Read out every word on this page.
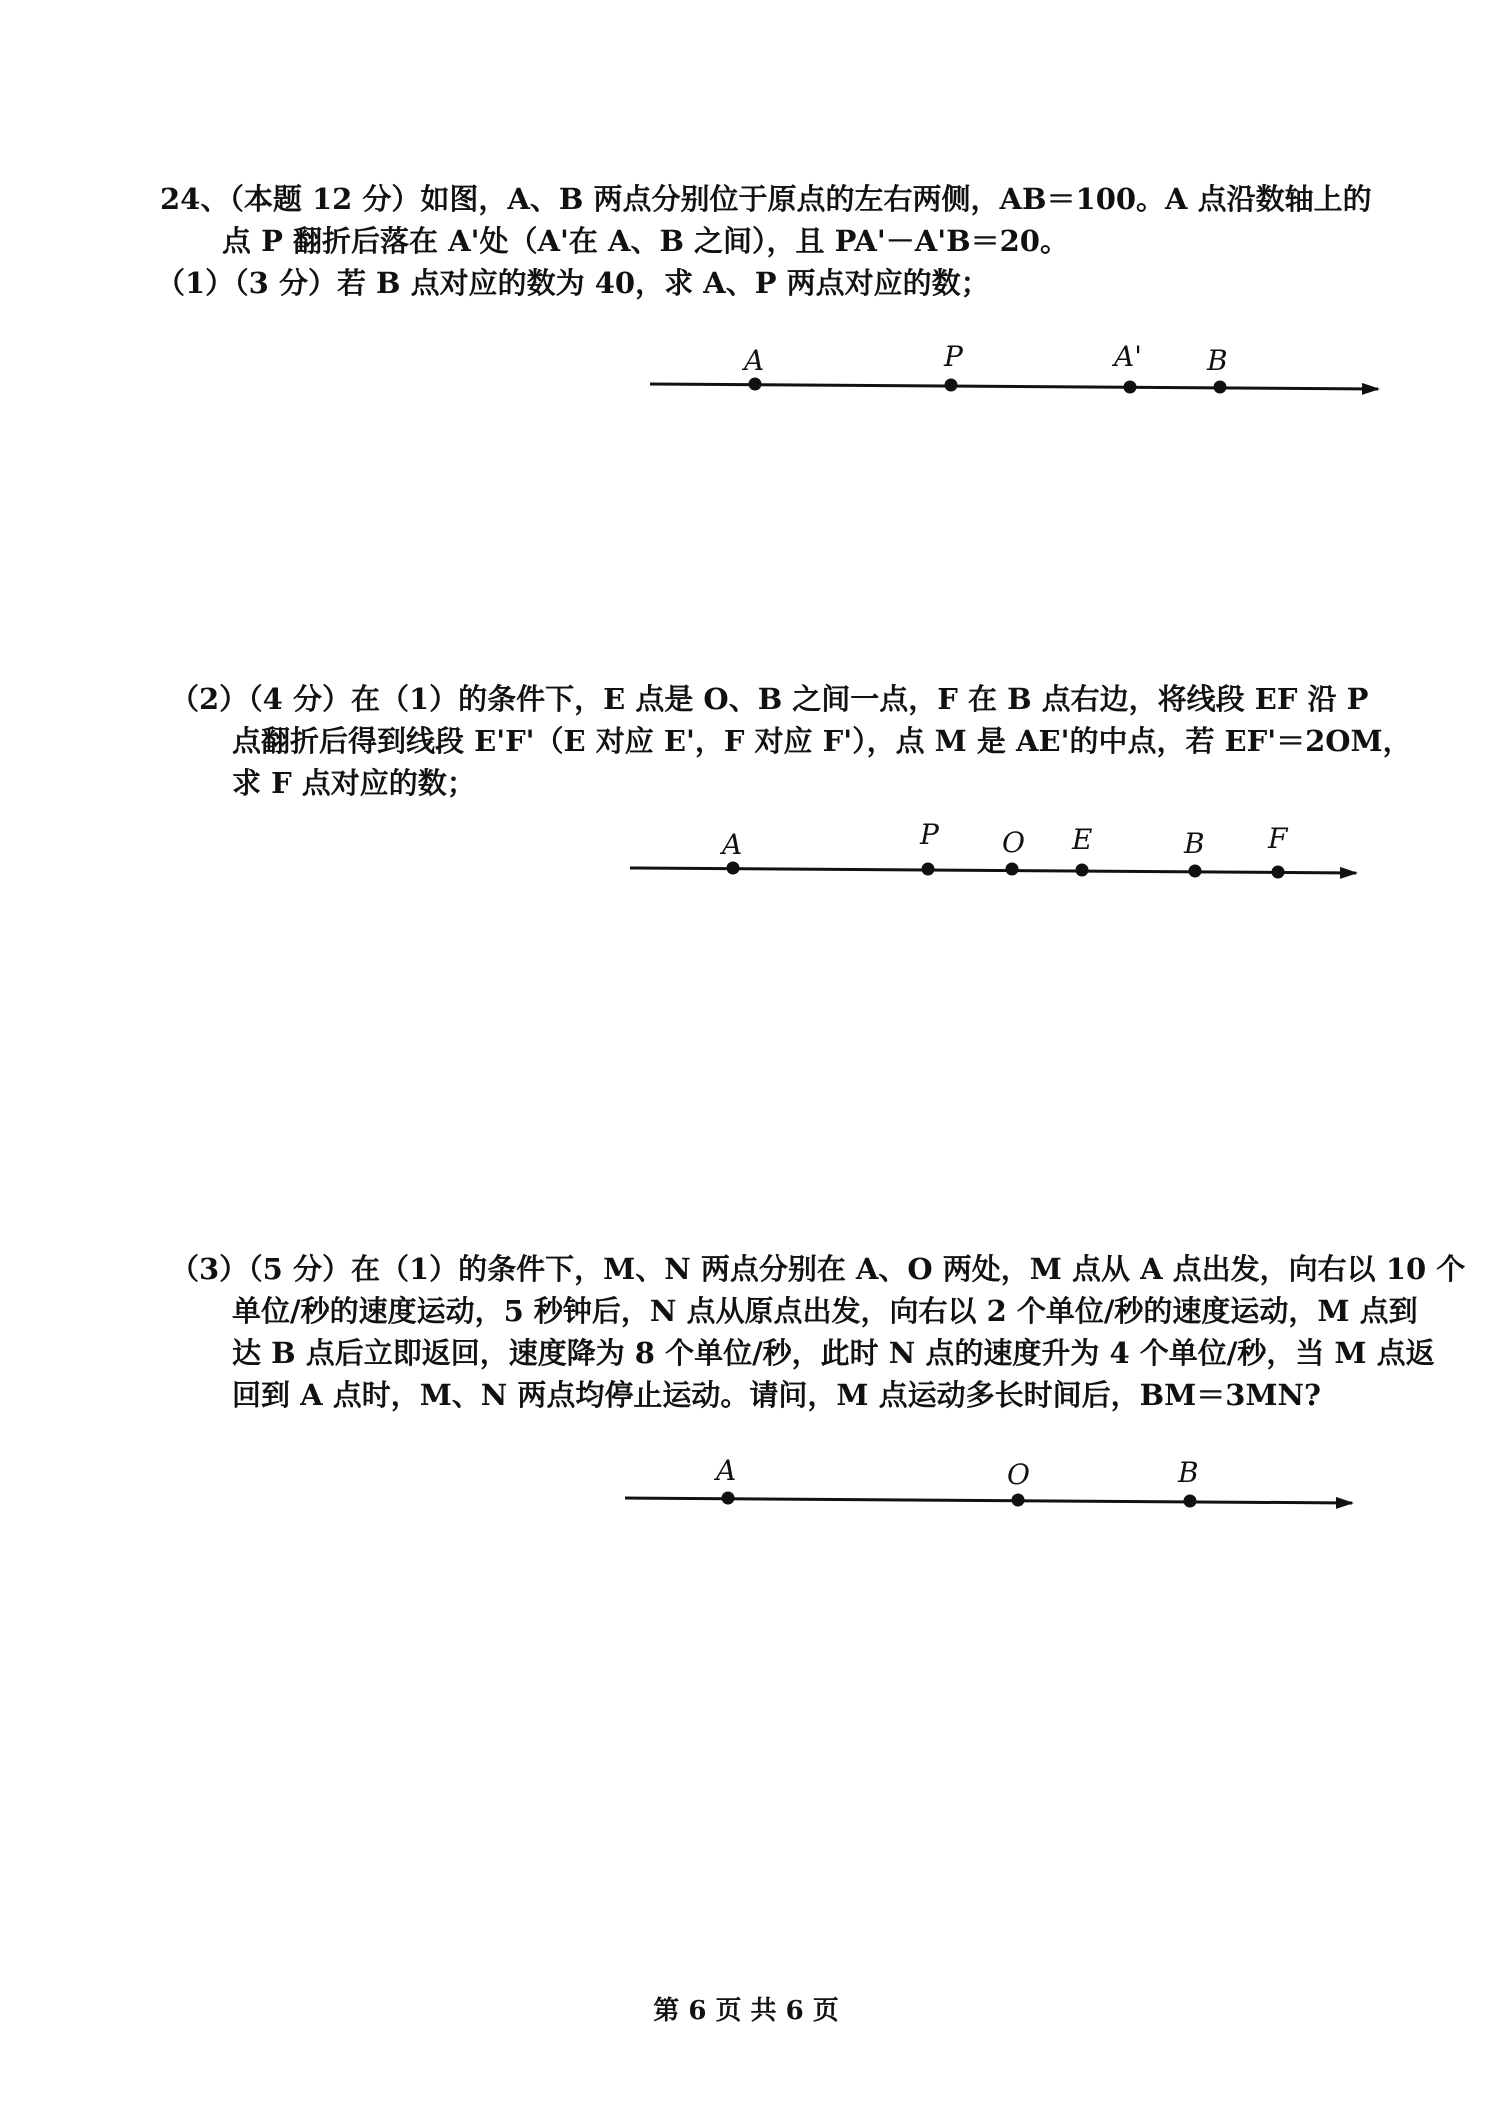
24、（本题 12 分）如图，A、B 两点分别位于原点的左右两侧，AB＝100。A 点沿数轴上的
点 P 翻折后落在 A'处（A'在 A、B 之间），且 PA'－A'B＝20。
（1）（3 分）若 B 点对应的数为 40，求 A、P 两点对应的数；
A	P	A' B
A	P O E	B F
A	O	B
（2）（4 分）在（1）的条件下，E 点是 O、B 之间一点，F 在 B 点右边，将线段 EF 沿 P
点翻折后得到线段 E'F'（E 对应 E'，F 对应 F'），点 M 是 AE'的中点，若 EF'＝2OM，
求 F 点对应的数；
（3）（5 分）在（1）的条件下，M、N 两点分别在 A、O 两处，M 点从 A 点出发，向右以 10 个
单位/秒的速度运动，5 秒钟后，N 点从原点出发，向右以 2 个单位/秒的速度运动，M 点到
达 B 点后立即返回，速度降为 8 个单位/秒，此时 N 点的速度升为 4 个单位/秒，当 M 点返
回到 A 点时，M、N 两点均停止运动。请问，M 点运动多长时间后，BM＝3MN?
第 6 页 共 6 页
